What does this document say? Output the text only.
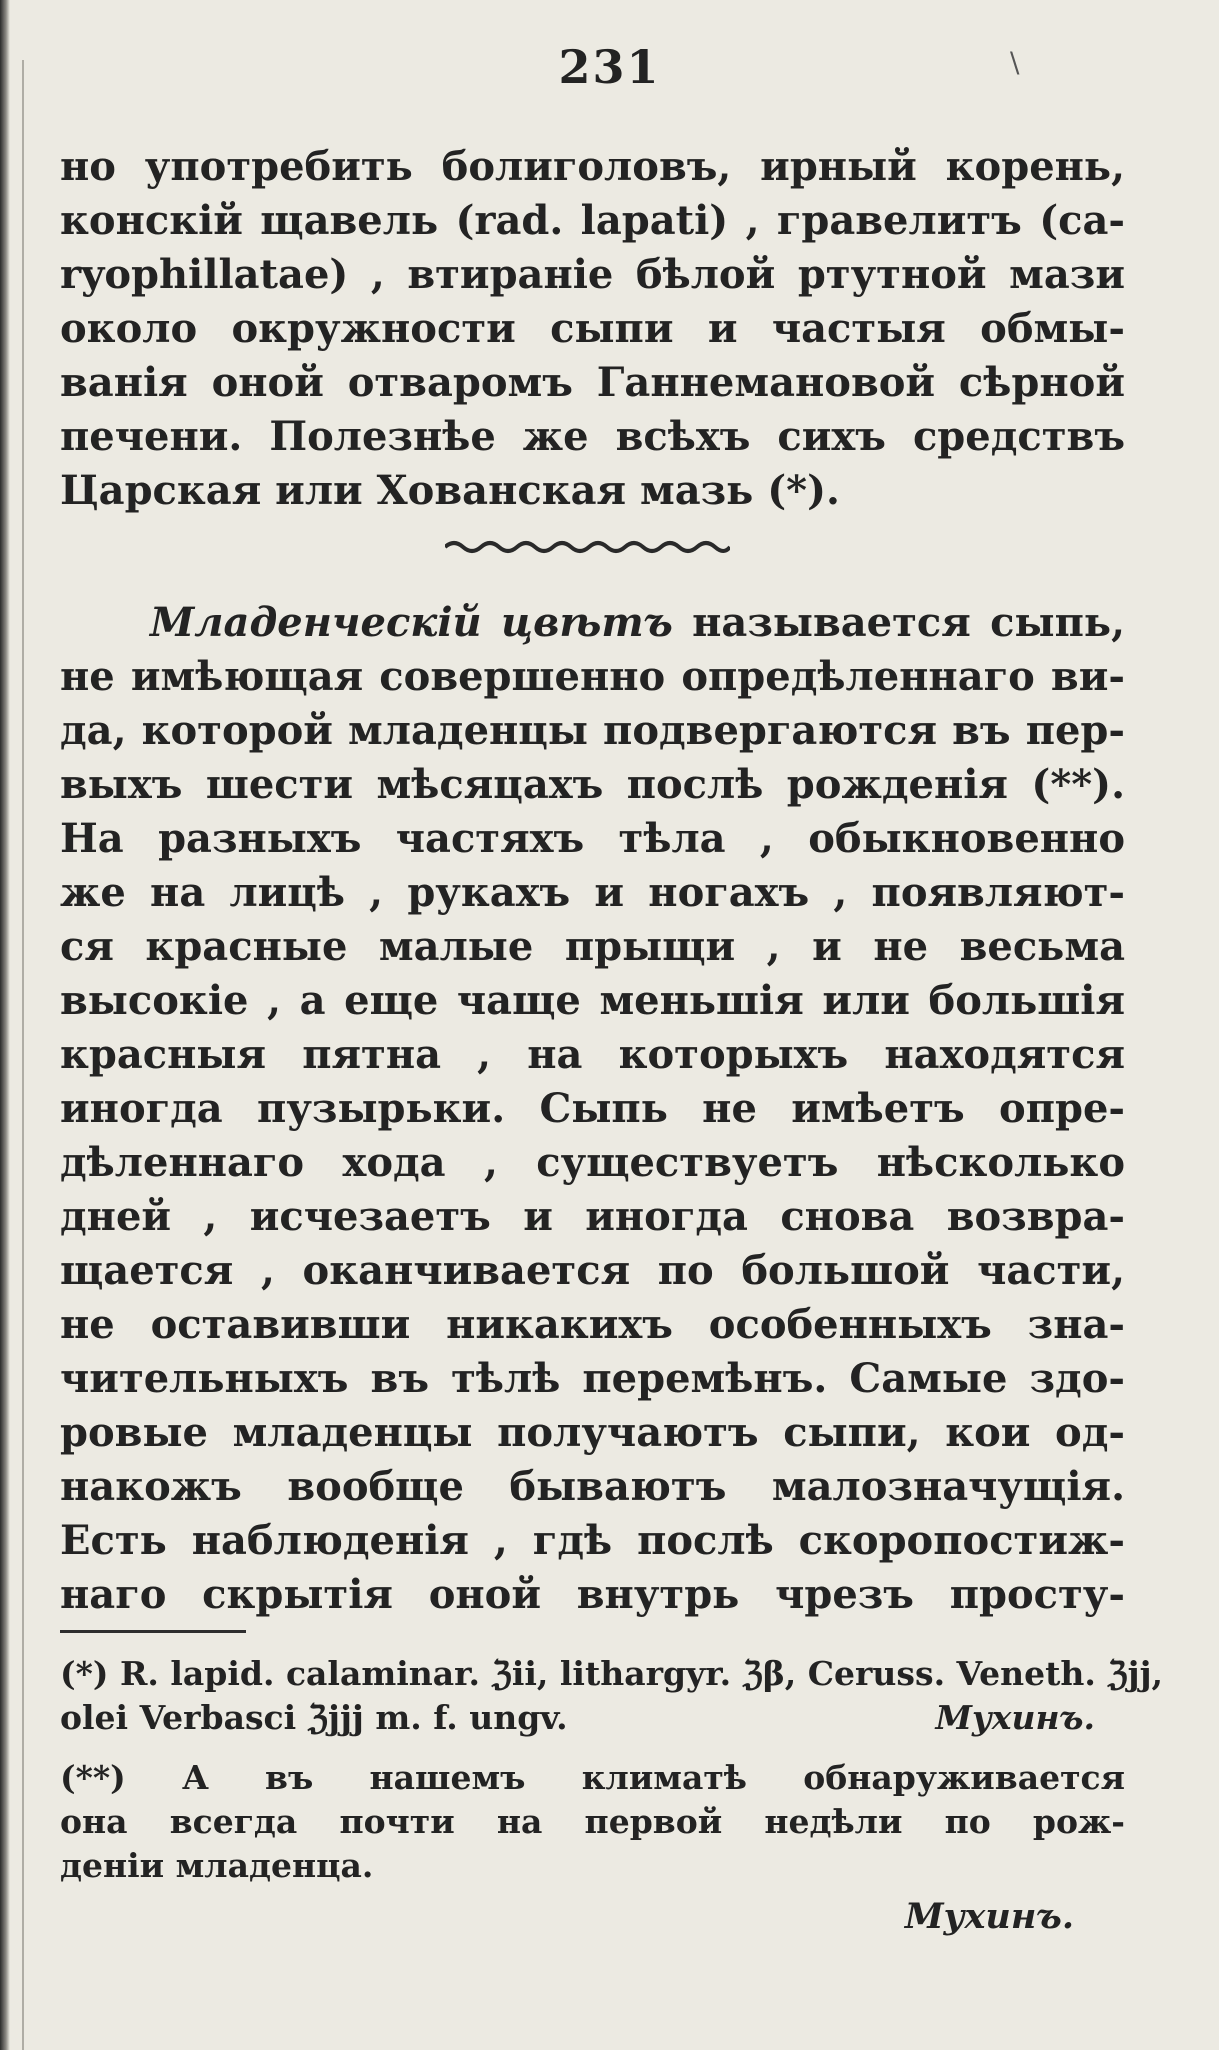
231	\
но употребить болиголовъ, ирный корень,
конскiй щавель (rad. lapati) , гравелитъ (ca-
ryophillatae) , втиранiе бѣлой ртутной мази
около окружности сыпи и частыя обмы-
ванiя оной отваромъ Ганнемановой сѣрной
печени. Полезнѣе же всѣхъ сихъ средствъ
Царская или Хованская мазь (*).
Младенческiй цвѣтъ называется сыпь,
не имѣющая совершенно опредѣленнаго ви-
да, которой младенцы подвергаются въ пер-
выхъ шести мѣсяцахъ послѣ рожденiя (**).
На разныхъ частяхъ тѣла , обыкновенно
же на лицѣ , рукахъ и ногахъ , появляют-
ся красные малые прыщи , и не весьма
высокiе , а еще чаще меньшiя или большiя
красныя пятна , на которыхъ находятся
иногда пузырьки. Сыпь не имѣетъ опре-
дѣленнаго хода , существуетъ нѣсколько
дней , исчезаетъ и иногда снова возвра-
щается , оканчивается по большой части,
не оставивши никакихъ особенныхъ зна-
чительныхъ въ тѣлѣ перемѣнъ. Самые здо-
ровые младенцы получаютъ сыпи, кои од-
накожъ вообще бываютъ малозначущiя.
Есть наблюденiя , гдѣ послѣ скоропостиж-
наго скрытiя оной внутрь чрезъ просту-
(*) R. lapid. calaminar. ℨii, lithargyr. ℨβ, Ceruss. Veneth. ℨjj,
olei Verbasci ℨjjj m. f. ungv.	Мухинъ.
(**) А въ нашемъ климатѣ обнаруживается
она всегда почти на первой недѣли по рож-
денiи младенца.
Мухинъ.
